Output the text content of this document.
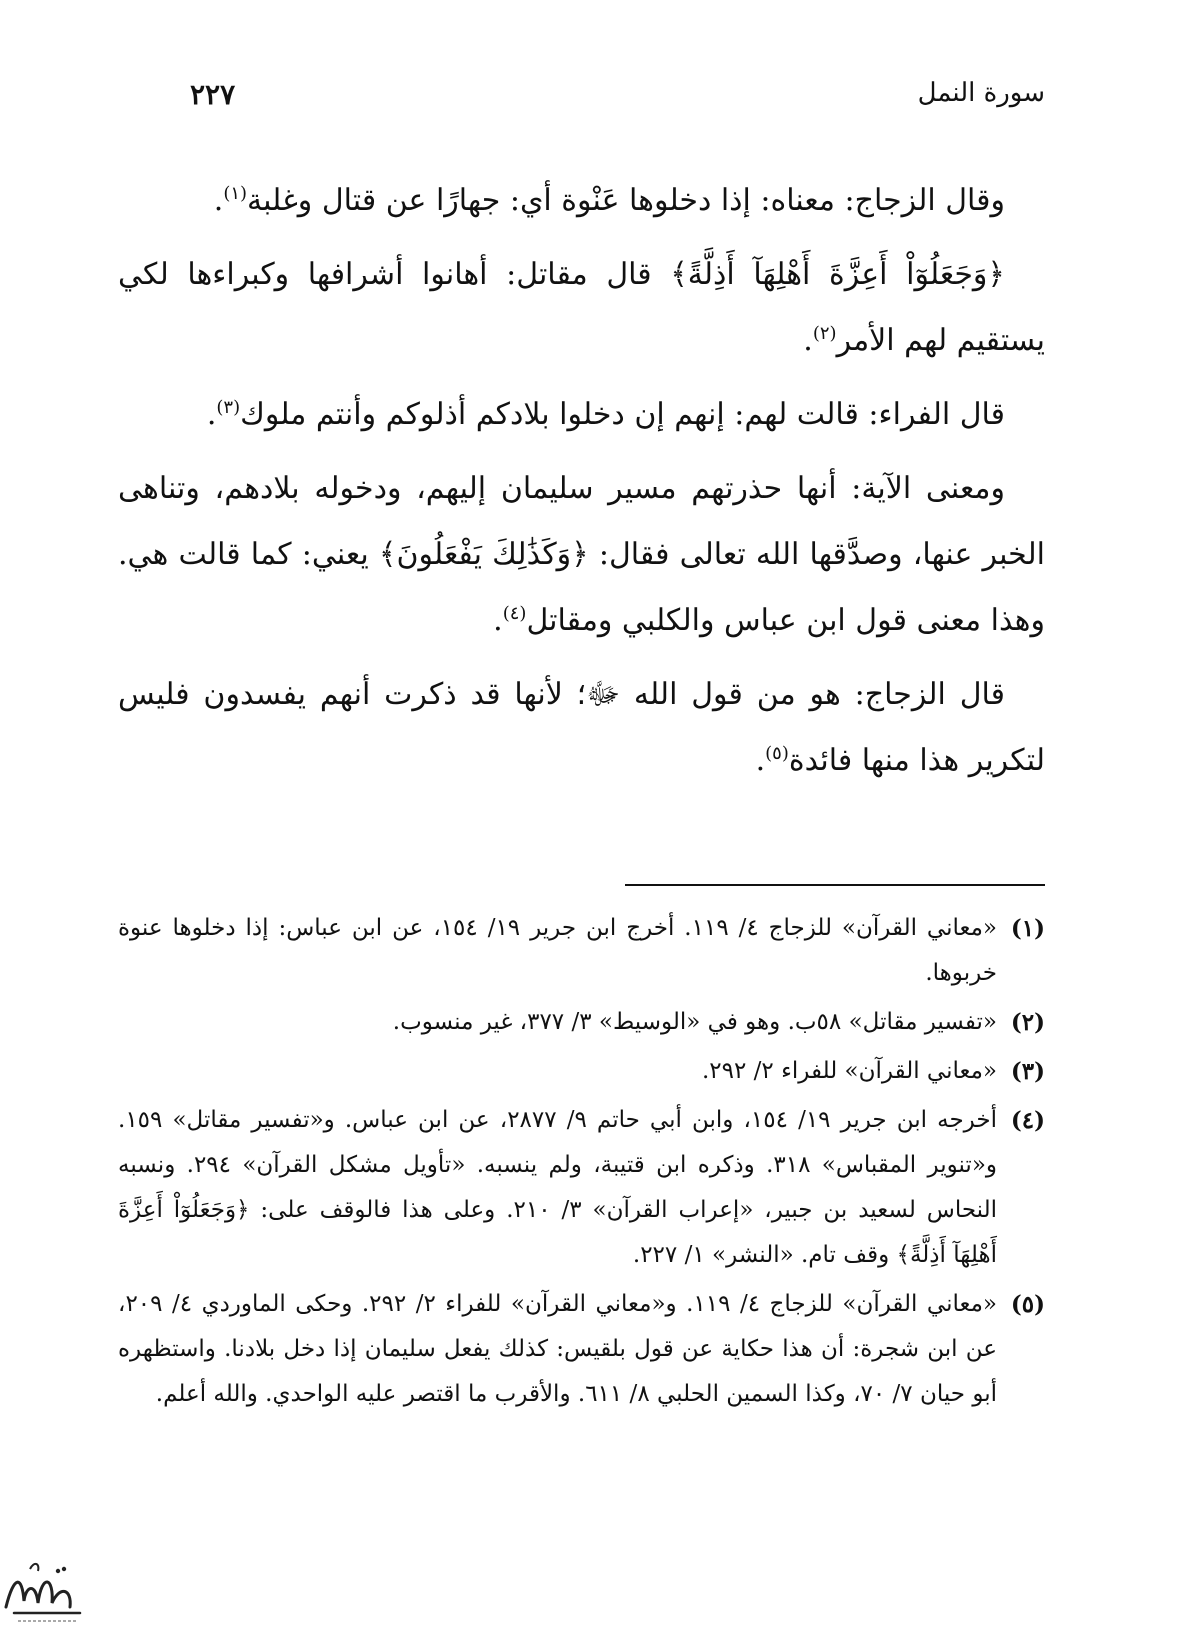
سورة النمل
٢٢٧

وقال الزجاج: معناه: إذا دخلوها عَنْوة أي: جهارًا عن قتال وغلبة$^{(١)}$.

﴿وَجَعَلُوٓاْ أَعِزَّةَ أَهْلِهَآ أَذِلَّةً﴾ قال مقاتل: أهانوا أشرافها وكبراءها لكي يستقيم لهم الأمر$^{(٢)}$.

قال الفراء: قالت لهم: إنهم إن دخلوا بلادكم أذلوكم وأنتم ملوك$^{(٣)}$.

ومعنى الآية: أنها حذرتهم مسير سليمان إليهم، ودخوله بلادهم، وتناهى الخبر عنها، وصدَّقها الله تعالى فقال: ﴿وَكَذَٰلِكَ يَفْعَلُونَ﴾ يعني: كما قالت هي. وهذا معنى قول ابن عباس والكلبي ومقاتل$^{(٤)}$.

قال الزجاج: هو من قول الله ﷻ؛ لأنها قد ذكرت أنهم يفسدون فليس لتكرير هذا منها فائدة$^{(٥)}$.

(١)
«معاني القرآن» للزجاج ٤/ ١١٩. أخرج ابن جرير ١٩/ ١٥٤، عن ابن عباس: إذا دخلوها عنوة خربوها.
(٢)
«تفسير مقاتل» ٥٨ب. وهو في «الوسيط» ٣/ ٣٧٧، غير منسوب.
(٣)
«معاني القرآن» للفراء ٢/ ٢٩٢.
(٤)
أخرجه ابن جرير ١٩/ ١٥٤، وابن أبي حاتم ٩/ ٢٨٧٧، عن ابن عباس. و«تفسير مقاتل» ١٥٩. و«تنوير المقباس» ٣١٨. وذكره ابن قتيبة، ولم ينسبه. «تأويل مشكل القرآن» ٢٩٤. ونسبه النحاس لسعيد بن جبير، «إعراب القرآن» ٣/ ٢١٠. وعلى هذا فالوقف على: ﴿وَجَعَلُوٓاْ أَعِزَّةَ أَهْلِهَآ أَذِلَّةً﴾ وقف تام. «النشر» ١/ ٢٢٧.
(٥)
«معاني القرآن» للزجاج ٤/ ١١٩. و«معاني القرآن» للفراء ٢/ ٢٩٢. وحكى الماوردي ٤/ ٢٠٩، عن ابن شجرة: أن هذا حكاية عن قول بلقيس: كذلك يفعل سليمان إذا دخل بلادنا. واستظهره أبو حيان ٧/ ٧٠، وكذا السمين الحلبي ٨/ ٦١١. والأقرب ما اقتصر عليه الواحدي. والله أعلم.
